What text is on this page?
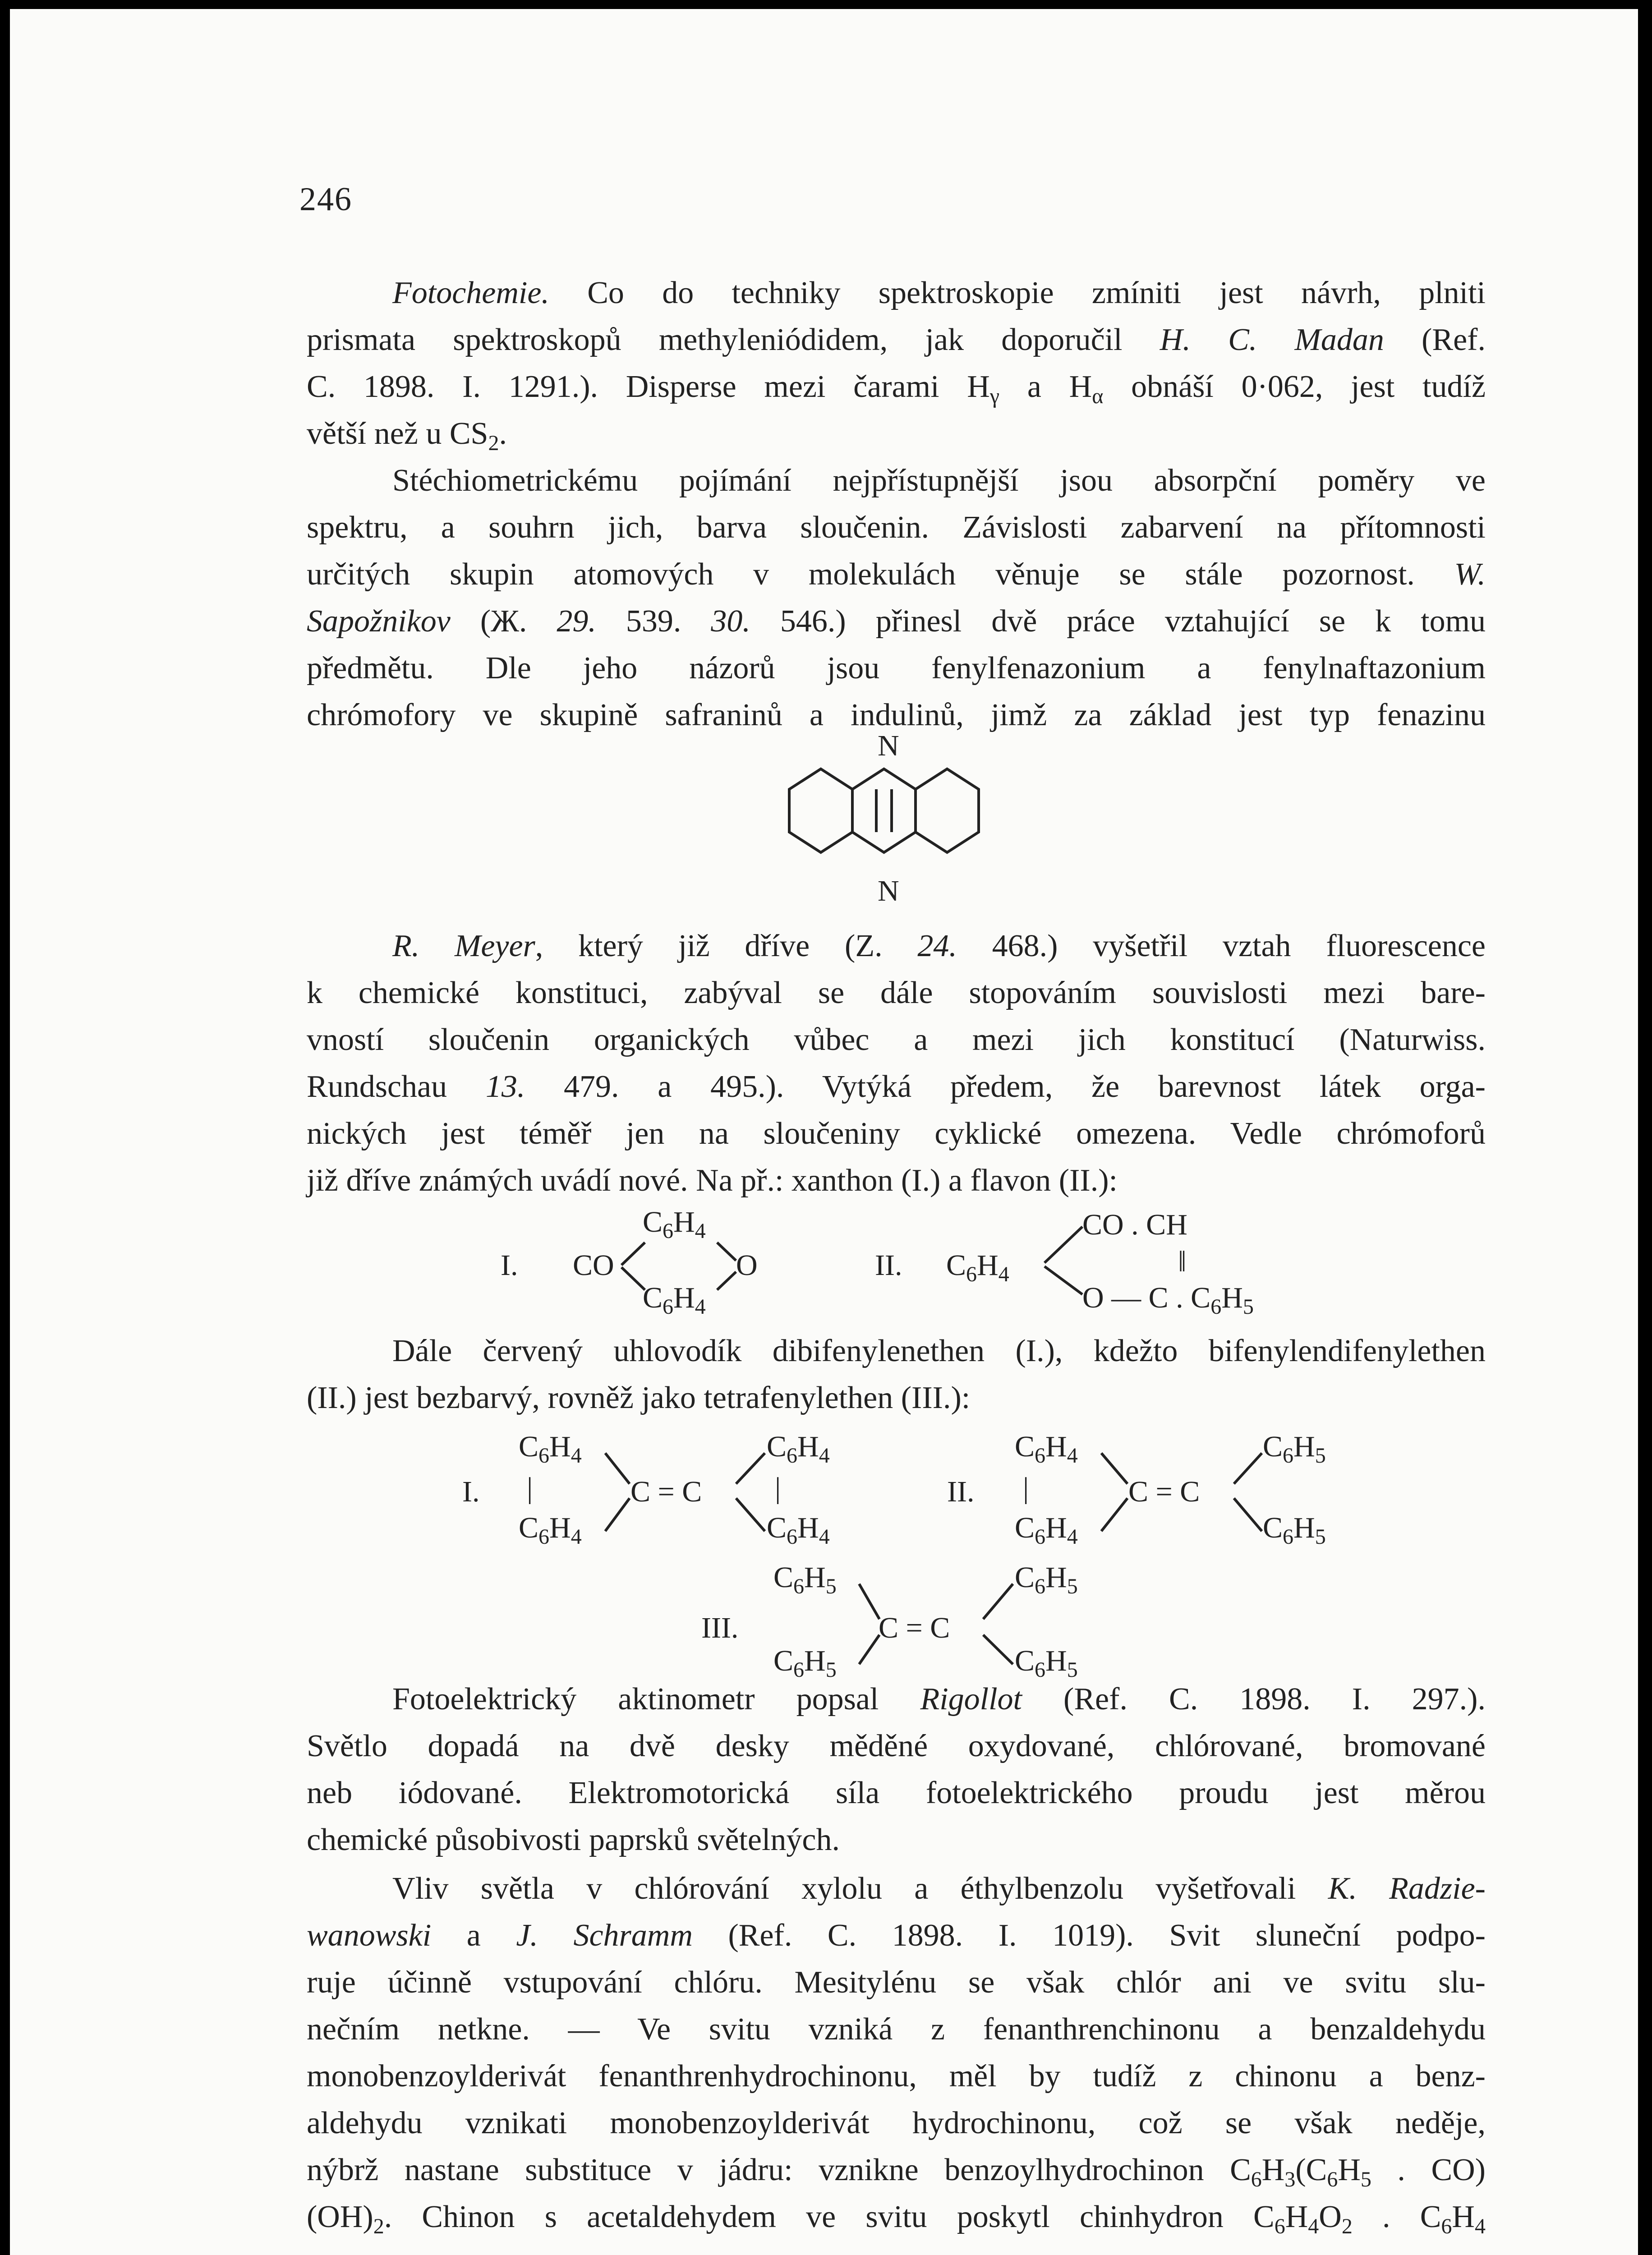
246
Fotochemie. Co do techniky spektroskopie zmíniti jest návrh, plniti
prismata spektroskopů methyleniódidem, jak doporučil H. C. Madan (Ref.
C. 1898. I. 1291.). Disperse mezi čarami $H_\gamma$ a $H_\alpha$ obnáší 0·062, jest tudíž
větší než u $CS_2$.
Stéchiometrickému pojímání nejpřístupnější jsou absorpční poměry ve
spektru, a souhrn jich, barva sloučenin. Závislosti zabarvení na přítomnosti
určitých skupin atomových v molekulách věnuje se stále pozornost. W.
Sapožnikov (Ж. 29. 539. 30. 546.) přinesl dvě práce vztahující se k tomu
předmětu. Dle jeho názorů jsou fenylfenazonium a fenylnaftazonium
chrómofory ve skupině safraninů a indulinů, jimž za základ jest typ fenazinu
N
N
R. Meyer, který již dříve (Z. 24. 468.) vyšetřil vztah fluorescence
k chemické konstituci, zabýval se dále stopováním souvislosti mezi bare-
vností sloučenin organických vůbec a mezi jich konstitucí (Naturwiss.
Rundschau 13. 479. a 495.). Vytýká předem, že barevnost látek orga-
nických jest téměř jen na sloučeniny cyklické omezena. Vedle chrómoforů
již dříve známých uvádí nové. Na př.: xanthon (I.) a flavon (II.):
I. CO
$C_6H_4$
$C_6H_4$
O	II. $C_6H_4$
CO . CH
‖
O — C . $C_6H_5$
Dále červený uhlovodík dibifenylenethen (I.), kdežto bifenylendifenylethen
(II.) jest bezbarvý, rovněž jako tetrafenylethen (III.):
I.
$C_6H_4$
|
$C_6H_4$
C = C
$C_6H_4$
|
$C_6H_4$
II.
$C_6H_4$
|
$C_6H_4$
C = C
$C_6H_5$
$C_6H_5$
III.
$C_6H_5$
$C_6H_5$
C = C
$C_6H_5$
$C_6H_5$
Fotoelektrický aktinometr popsal Rigollot (Ref. C. 1898. I. 297.).
Světlo dopadá na dvě desky měděné oxydované, chlórované, bromované
neb iódované. Elektromotorická síla fotoelektrického proudu jest měrou
chemické působivosti paprsků světelných.
Vliv světla v chlórování xylolu a éthylbenzolu vyšetřovali K. Radzie-
wanowski a J. Schramm (Ref. C. 1898. I. 1019). Svit sluneční podpo-
ruje účinně vstupování chlóru. Mesitylénu se však chlór ani ve svitu slu-
nečním netkne. — Ve svitu vzniká z fenanthrenchinonu a benzaldehydu
monobenzoylderivát fenanthrenhydrochinonu, měl by tudíž z chinonu a benz-
aldehydu vznikati monobenzoylderivát hydrochinonu, což se však neděje,
nýbrž nastane substituce v jádru: vznikne benzoylhydrochinon $C_6H_3(C_6H_5$ . CO)
$(OH)_2$. Chinon s acetaldehydem ve svitu poskytl chinhydron $C_6H_4O_2$ . $C_6H_4$
